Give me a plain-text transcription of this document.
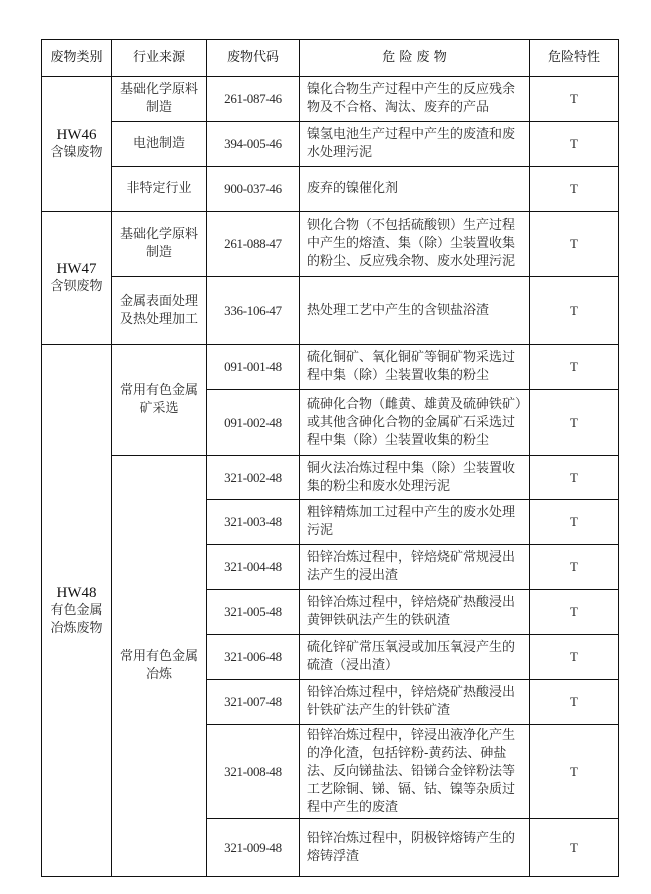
废物类别	行业来源	废物代码	危 险 废 物	危险特性

HW46
含镍废物	基础化学原料制造	261-087-46	镍化合物生产过程中产生的反应残余物及不合格、淘汰、废弃的产品	T
	电池制造	394-005-46	镍氢电池生产过程中产生的废渣和废水处理污泥	T
	非特定行业	900-037-46	废弃的镍催化剂	T

HW47
含钡废物	基础化学原料制造	261-088-47	钡化合物（不包括硫酸钡）生产过程中产生的熔渣、集（除）尘装置收集的粉尘、反应残余物、废水处理污泥	T
	金属表面处理及热处理加工	336-106-47	热处理工艺中产生的含钡盐浴渣	T

HW48
有色金属冶炼废物	常用有色金属矿采选	091-001-48	硫化铜矿、氧化铜矿等铜矿物采选过程中集（除）尘装置收集的粉尘	T
		091-002-48	硫砷化合物（雌黄、雄黄及硫砷铁矿）或其他含砷化合物的金属矿石采选过程中集（除）尘装置收集的粉尘	T
	常用有色金属冶炼	321-002-48	铜火法冶炼过程中集（除）尘装置收集的粉尘和废水处理污泥	T
		321-003-48	粗锌精炼加工过程中产生的废水处理污泥	T
		321-004-48	铅锌冶炼过程中，锌焙烧矿常规浸出法产生的浸出渣	T
		321-005-48	铅锌冶炼过程中，锌焙烧矿热酸浸出黄钾铁矾法产生的铁矾渣	T
		321-006-48	硫化锌矿常压氧浸或加压氧浸产生的硫渣（浸出渣）	T
		321-007-48	铅锌冶炼过程中，锌焙烧矿热酸浸出针铁矿法产生的针铁矿渣	T
		321-008-48	铅锌冶炼过程中，锌浸出液净化产生的净化渣，包括锌粉-黄药法、砷盐法、反向锑盐法、铅锑合金锌粉法等工艺除铜、锑、镉、钴、镍等杂质过程中产生的废渣	T
		321-009-48	铅锌冶炼过程中，阴极锌熔铸产生的熔铸浮渣	T
